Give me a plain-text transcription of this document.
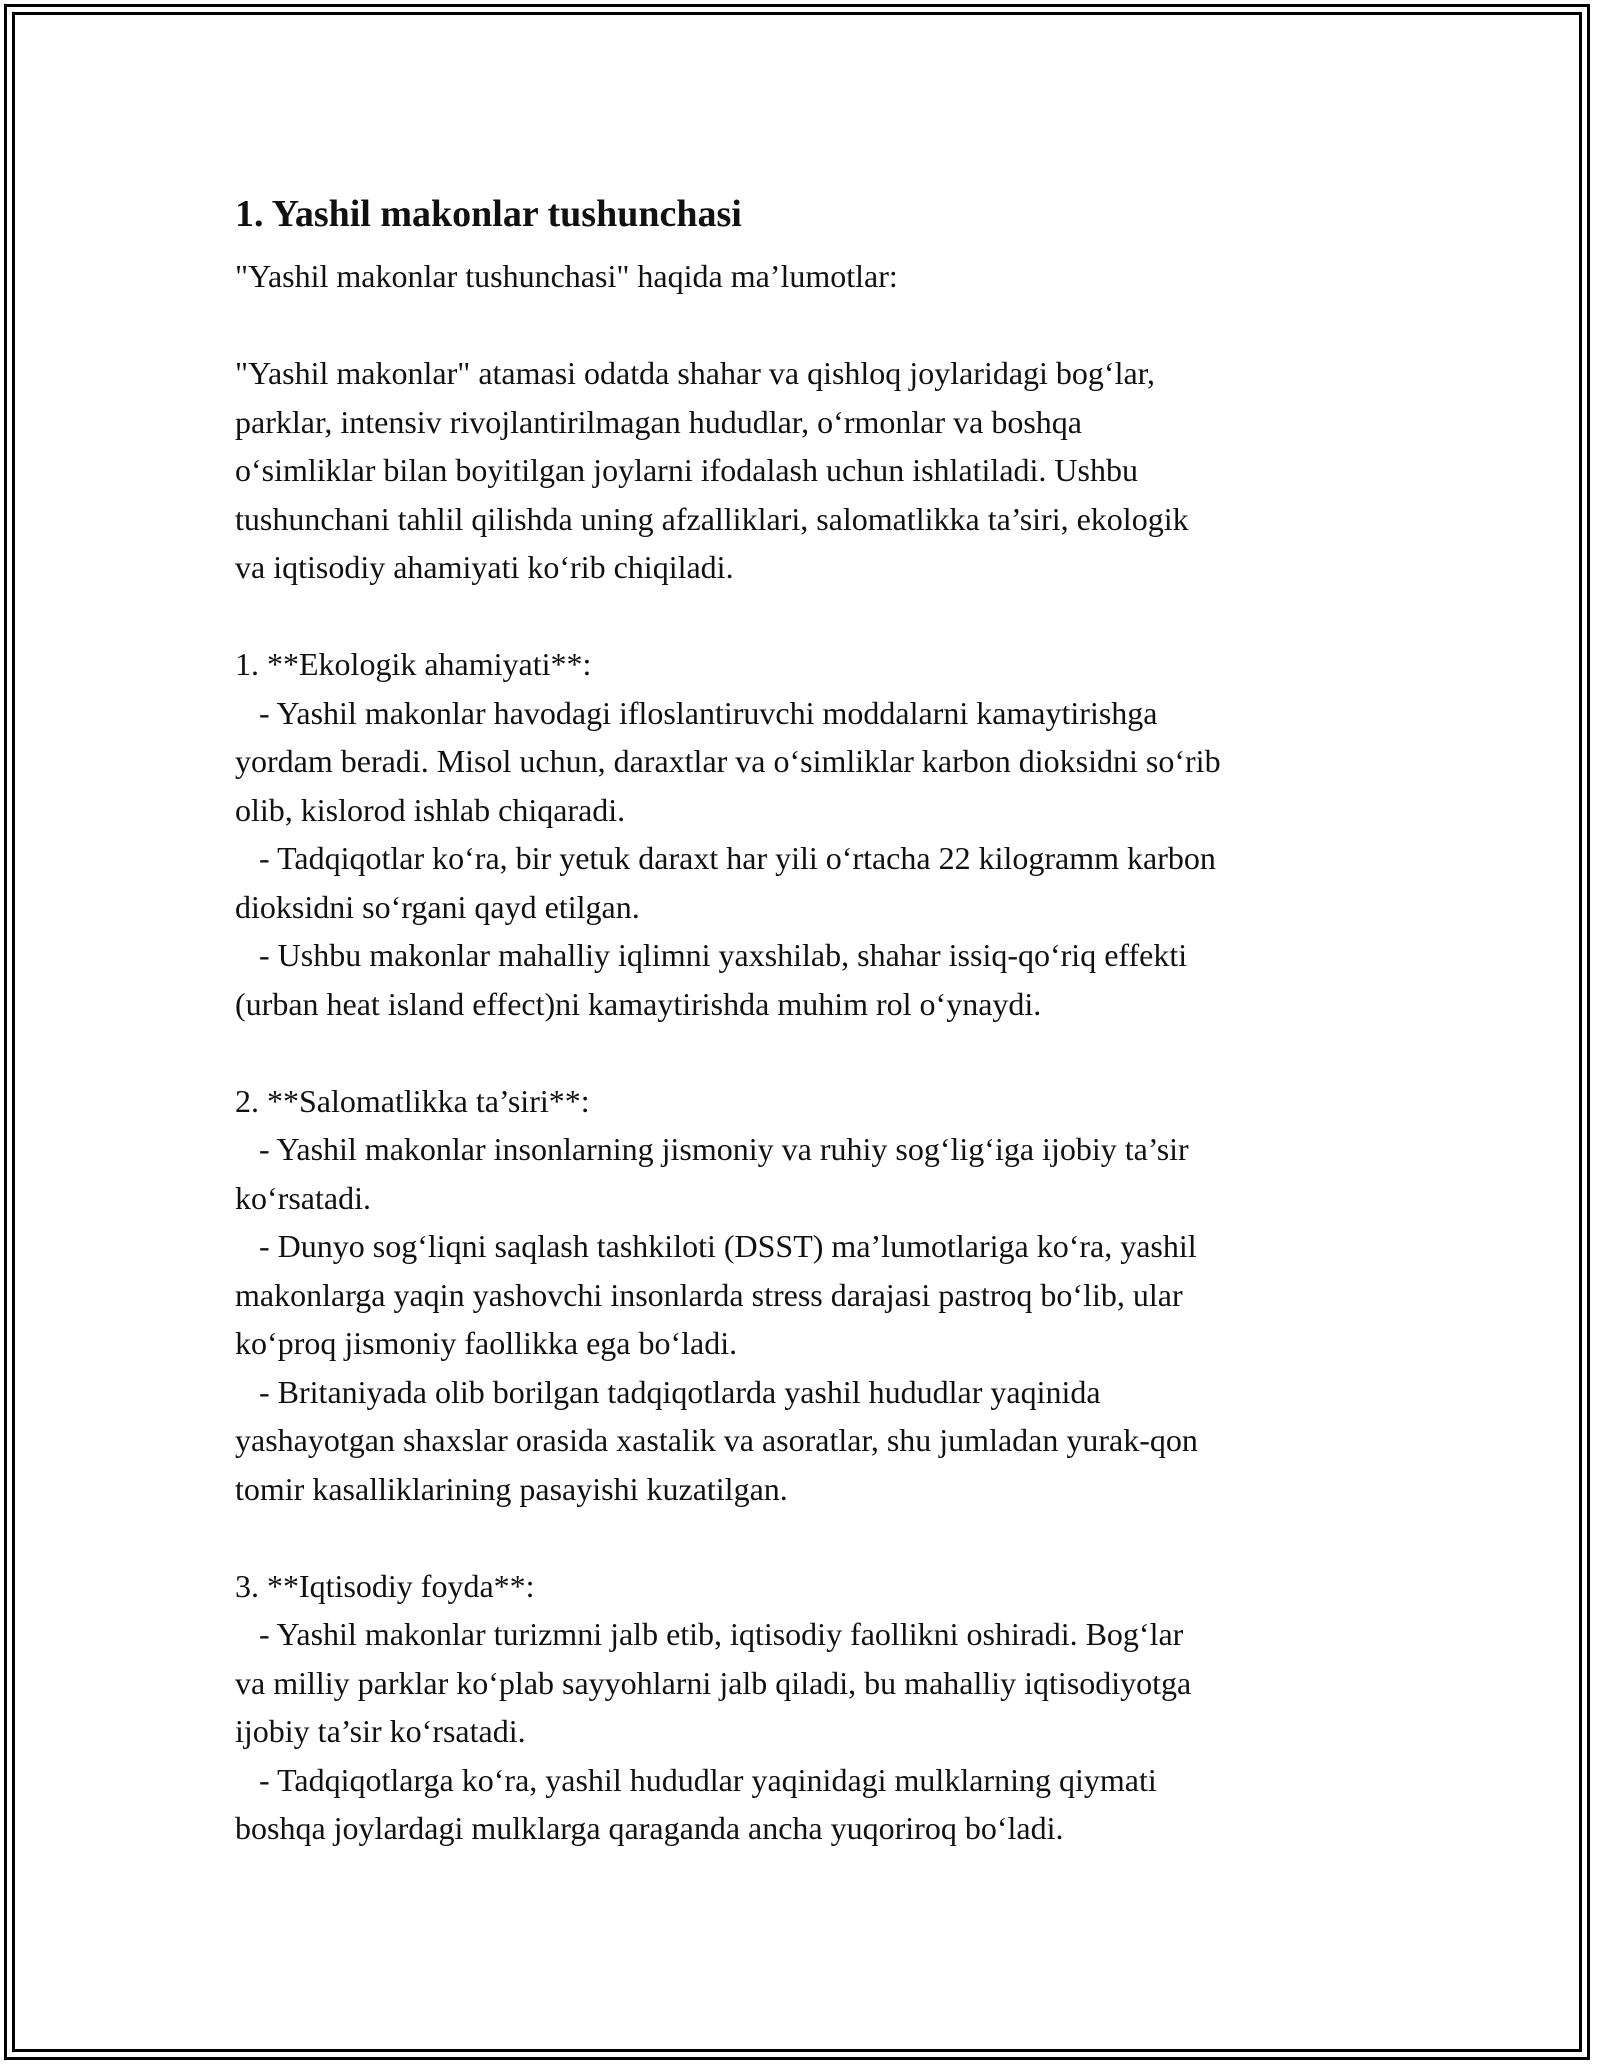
1. Yashil makonlar tushunchasi

"Yashil makonlar tushunchasi" haqida ma’lumotlar:

"Yashil makonlar" atamasi odatda shahar va qishloq joylaridagi bog‘lar,
parklar, intensiv rivojlantirilmagan hududlar, o‘rmonlar va boshqa
o‘simliklar bilan boyitilgan joylarni ifodalash uchun ishlatiladi. Ushbu
tushunchani tahlil qilishda uning afzalliklari, salomatlikka ta’siri, ekologik
va iqtisodiy ahamiyati ko‘rib chiqiladi.

1. **Ekologik ahamiyati**:
- Yashil makonlar havodagi ifloslantiruvchi moddalarni kamaytirishga
yordam beradi. Misol uchun, daraxtlar va o‘simliklar karbon dioksidni so‘rib
olib, kislorod ishlab chiqaradi.
- Tadqiqotlar ko‘ra, bir yetuk daraxt har yili o‘rtacha 22 kilogramm karbon
dioksidni so‘rgani qayd etilgan.
- Ushbu makonlar mahalliy iqlimni yaxshilab, shahar issiq-qo‘riq effekti
(urban heat island effect)ni kamaytirishda muhim rol o‘ynaydi.

2. **Salomatlikka ta’siri**:
- Yashil makonlar insonlarning jismoniy va ruhiy sog‘lig‘iga ijobiy ta’sir
ko‘rsatadi.
- Dunyo sog‘liqni saqlash tashkiloti (DSST) ma’lumotlariga ko‘ra, yashil
makonlarga yaqin yashovchi insonlarda stress darajasi pastroq bo‘lib, ular
ko‘proq jismoniy faollikka ega bo‘ladi.
- Britaniyada olib borilgan tadqiqotlarda yashil hududlar yaqinida
yashayotgan shaxslar orasida xastalik va asoratlar, shu jumladan yurak-qon
tomir kasalliklarining pasayishi kuzatilgan.

3. **Iqtisodiy foyda**:
- Yashil makonlar turizmni jalb etib, iqtisodiy faollikni oshiradi. Bog‘lar
va milliy parklar ko‘plab sayyohlarni jalb qiladi, bu mahalliy iqtisodiyotga
ijobiy ta’sir ko‘rsatadi.
- Tadqiqotlarga ko‘ra, yashil hududlar yaqinidagi mulklarning qiymati
boshqa joylardagi mulklarga qaraganda ancha yuqoriroq bo‘ladi.
